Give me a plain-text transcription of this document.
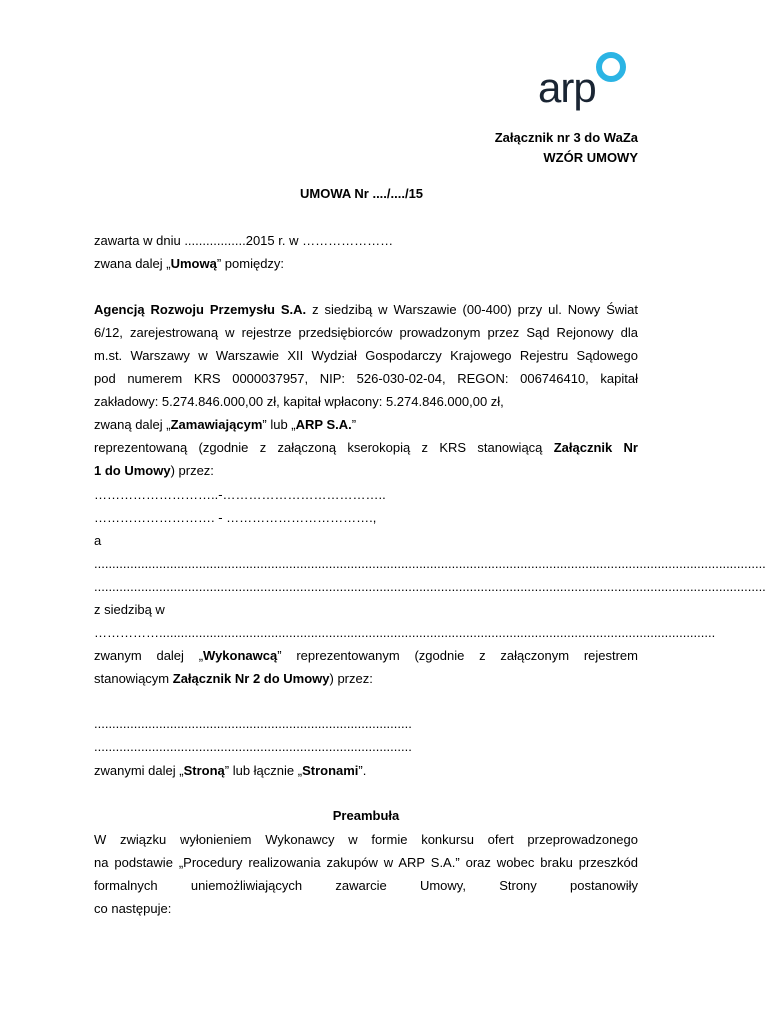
arp
Załącznik nr 3 do WaZa
WZÓR UMOWY
UMOWA Nr ..../..../15
zawarta w dniu .................2015 r. w …………………
zwana dalej „Umową” pomiędzy:
Agencją Rozwoju Przemysłu S.A. z siedzibą w Warszawie (00-400) przy ul. Nowy Świat
6/12, zarejestrowaną w rejestrze przedsiębiorców prowadzonym przez Sąd Rejonowy dla
m.st. Warszawy w Warszawie XII Wydział Gospodarczy Krajowego Rejestru Sądowego
pod numerem KRS 0000037957, NIP: 526-030-02-04, REGON: 006746410, kapitał
zakładowy: 5.274.846.000,00 zł, kapitał wpłacony: 5.274.846.000,00 zł,
zwaną dalej „Zamawiającym” lub „ARP S.A.”
reprezentowaną (zgodnie z załączoną kserokopią z KRS stanowiącą Załącznik Nr
1 do Umowy) przez:
………………………..-………………………………..
………………………. - …………………………….,
a
..........................................................................................................................................................................................
..........................................................................................................................................................................................
z siedzibą w
……………..........................................................................................................................................................
zwanym dalej „Wykonawcą” reprezentowanym (zgodnie z załączonym rejestrem
stanowiącym Załącznik Nr 2 do Umowy) przez:
........................................................................................
........................................................................................
zwanymi dalej „Stroną” lub łącznie „Stronami”.
Preambuła
W związku wyłonieniem Wykonawcy w formie konkursu ofert przeprowadzonego
na podstawie „Procedury realizowania zakupów w ARP S.A.” oraz wobec braku przeszkód
formalnych	uniemożliwiających	zawarcie	Umowy,	Strony	postanowiły
co następuje:
